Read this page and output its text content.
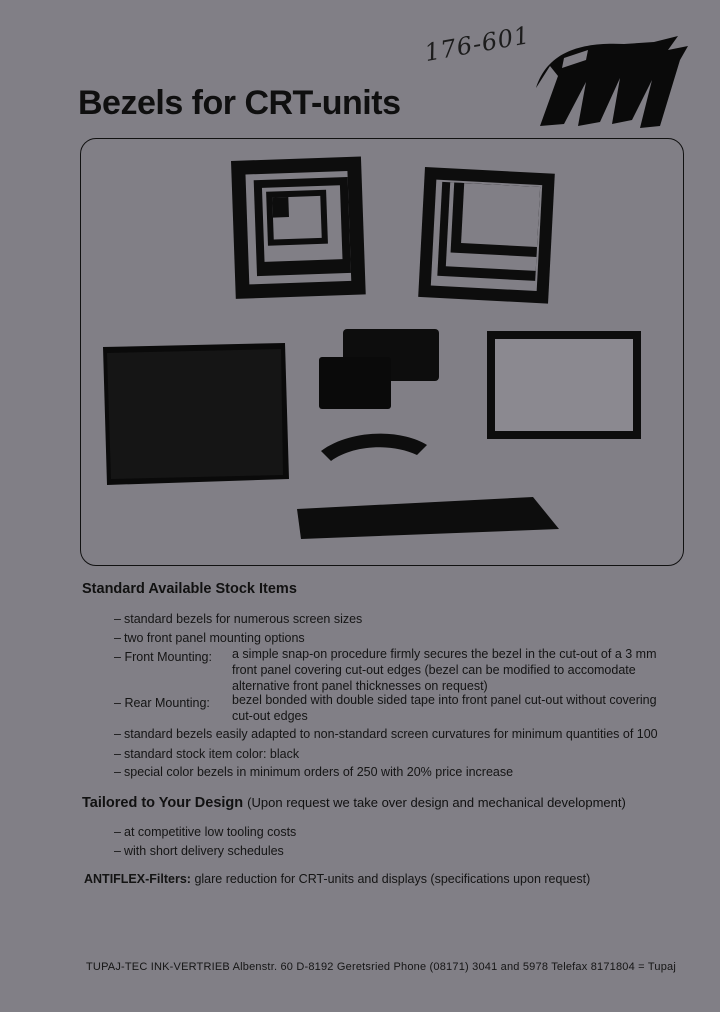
176-601
Bezels for CRT-units
Standard Available Stock Items
– standard bezels for numerous screen sizes
– two front panel mounting options
– Front Mounting: a simple snap-on procedure firmly secures the bezel in the cut-out of a 3 mm
front panel covering cut-out edges (bezel can be modified to accomodate
alternative front panel thicknesses on request)
– Rear Mounting: bezel bonded with double sided tape into front panel cut-out without covering
cut-out edges
– standard bezels easily adapted to non-standard screen curvatures for minimum quantities of 100
– standard stock item color: black
– special color bezels in minimum orders of 250 with 20% price increase
Tailored to Your Design (Upon request we take over design and mechanical development)
– at competitive low tooling costs
– with short delivery schedules
ANTIFLEX-Filters: glare reduction for CRT-units and displays (specifications upon request)
TUPAJ-TEC INK-VERTRIEB Albenstr. 60 D-8192 Geretsried Phone (08171) 3041 and 5978 Telefax 8171804 = Tupaj
